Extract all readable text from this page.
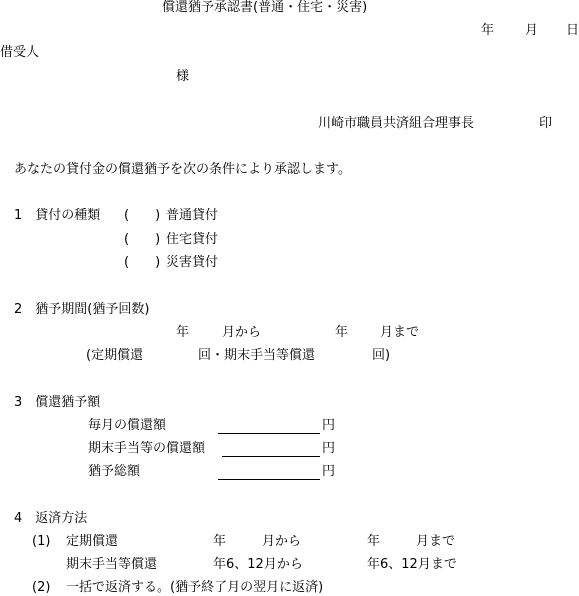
償還猶予承認書(普通・住宅・災害)
年 月 日
借受人
様
川崎市職員共済組合理事長	印
あなたの貸付金の償還猶予を次の条件により承認します。
1　貸付の種類 (　　) 普通貸付
(　　) 住宅貸付
(　　) 災害貸付
2　猶予期間(猶予回数)
年	月から	年 月まで
(定期償還	回・期末手当等償還	回)
3　償還猶予額
毎月の償還額	円
期末手当等の償還額	円
猶予総額	円
4　返済方法
(1) 定期償還	年	月から	年	月まで
期末手当等償還	年6、12月から	年6、12月まで
(2) 一括で返済する。(猶予終了月の翌月に返済)
